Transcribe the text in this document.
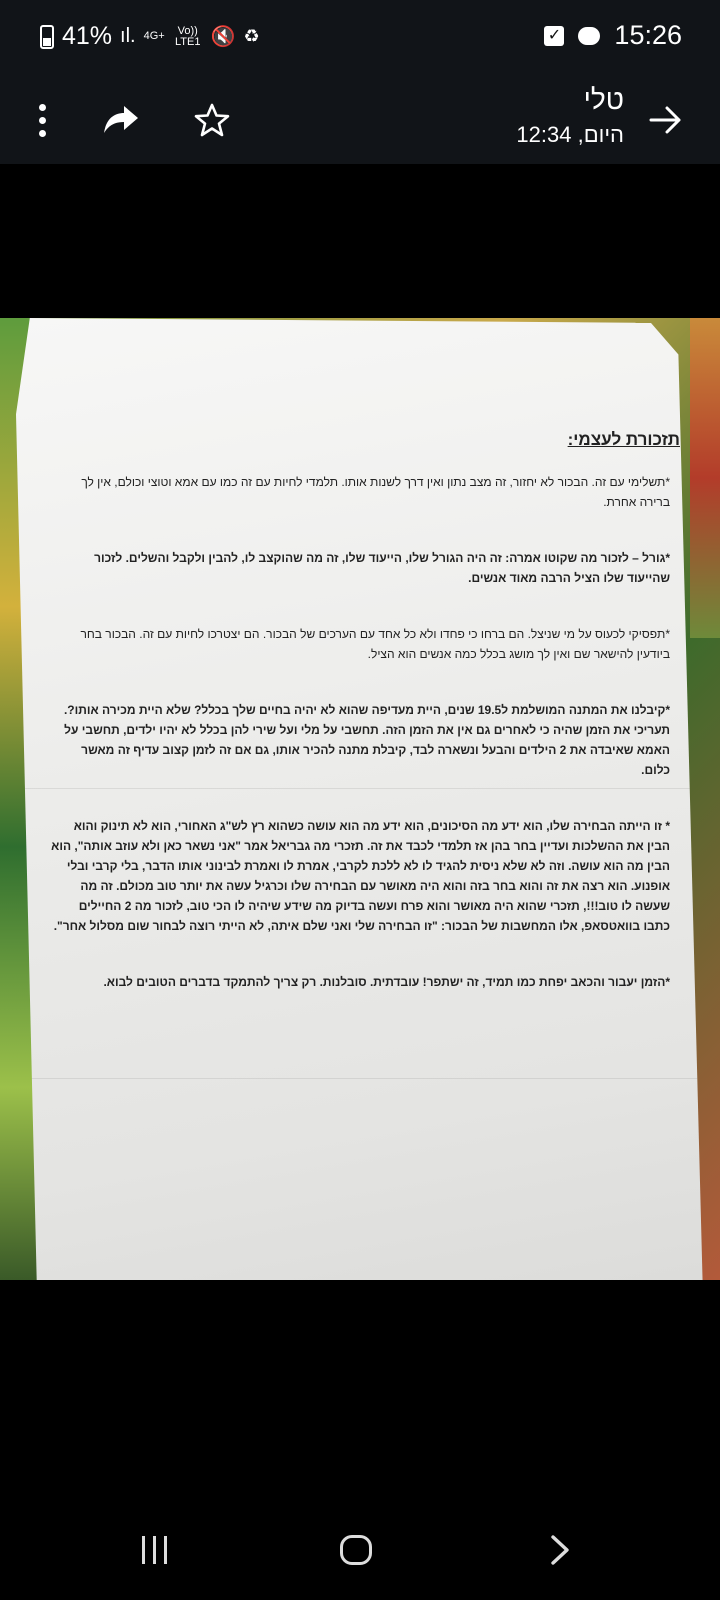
41% ıl. 4G+	Vo)) LTE1 🔇 ♻	✓ 15:26
טלי
היום, 12:34
תזכורת לעצמי:

*תשלימי עם זה. הבכור לא יחזור, זה מצב נתון ואין דרך לשנות אותו. תלמדי לחיות עם זה כמו עם אמא וטוצי וכולם, אין לך ברירה אחרת.

*גורל – לזכור מה שקוטו אמרה: זה היה הגורל שלו, הייעוד שלו, זה מה שהוקצב לו, להבין ולקבל והשלים. לזכור שהייעוד שלו הציל הרבה מאוד אנשים.

*תפסיקי לכעוס על מי שניצל. הם ברחו כי פחדו ולא כל אחד עם הערכים של הבכור. הם יצטרכו לחיות עם זה. הבכור בחר ביודעין להישאר שם ואין לך מושג בכלל כמה אנשים הוא הציל.

*קיבלנו את המתנה המושלמת ל19.5 שנים, היית מעדיפה שהוא לא יהיה בחיים שלך בכלל? שלא היית מכירה אותו?. תעריכי את הזמן שהיה כי לאחרים גם אין את הזמן הזה. תחשבי על מלי ועל שירי להן בכלל לא יהיו ילדים, תחשבי על האמא שאיבדה את 2 הילדים והבעל ונשארה לבד, קיבלת מתנה להכיר אותו, גם אם זה לזמן קצוב עדיף זה מאשר כלום.

* זו הייתה הבחירה שלו, הוא ידע מה הסיכונים, הוא ידע מה הוא עושה כשהוא רץ לש"ג האחורי, הוא לא תינוק והוא הבין את ההשלכות ועדיין בחר בהן אז תלמדי לכבד את זה. תזכרי מה גבריאל אמר "אני נשאר כאן ולא עוזב אותה", הוא הבין מה הוא עושה. וזה לא שלא ניסית להגיד לו לא ללכת לקרבי, אמרת לו ואמרת לבינוני אותו הדבר, בלי קרבי ובלי אופנוע. הוא רצה את זה והוא בחר בזה והוא היה מאושר עם הבחירה שלו וכרגיל עשה את יותר טוב מכולם. זה מה שעשה לו טוב!!!, תזכרי שהוא היה מאושר והוא פרח ועשה בדיוק מה שידע שיהיה לו הכי טוב, לזכור מה 2 החיילים כתבו בוואטסאפ, אלו המחשבות של הבכור: "זו הבחירה שלי ואני שלם איתה, לא הייתי רוצה לבחור שום מסלול אחר".

*הזמן יעבור והכאב יפחת כמו תמיד, זה ישתפר! עובדתית. סובלנות. רק צריך להתמקד בדברים הטובים לבוא.
